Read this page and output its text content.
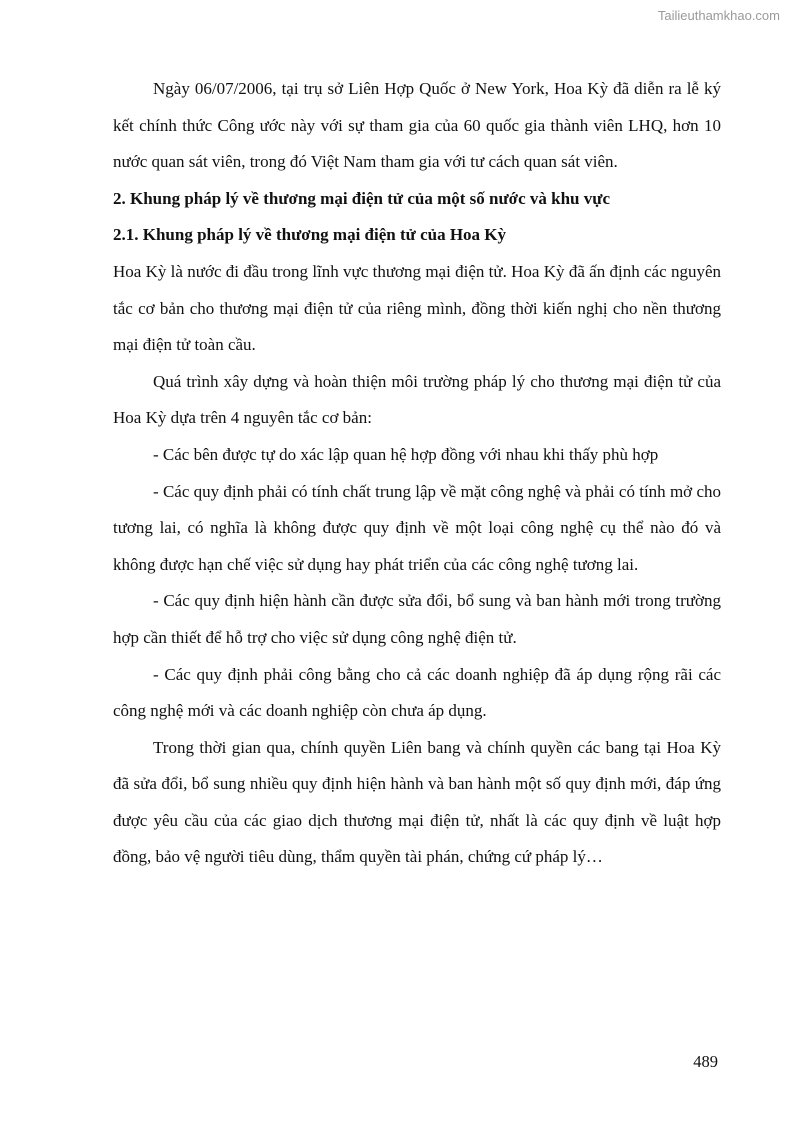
Tailieuthamkhao.com

Ngày 06/07/2006, tại trụ sở Liên Hợp Quốc ở New York, Hoa Kỳ đã diễn ra lễ ký kết chính thức Công ước này với sự tham gia của 60 quốc gia thành viên LHQ, hơn 10 nước quan sát viên, trong đó Việt Nam tham gia với tư cách quan sát viên.

2. Khung pháp lý về thương mại điện tử của một số nước và khu vực

2.1. Khung pháp lý về thương mại điện tử của Hoa Kỳ

Hoa Kỳ là nước đi đầu trong lĩnh vực thương mại điện tử. Hoa Kỳ đã ấn định các nguyên tắc cơ bản cho thương mại điện tử của riêng mình, đồng thời kiến nghị cho nền thương mại điện tử toàn cầu.

Quá trình xây dựng và hoàn thiện môi trường pháp lý cho thương mại điện tử của Hoa Kỳ dựa trên 4 nguyên tắc cơ bản:

- Các bên được tự do xác lập quan hệ hợp đồng với nhau khi thấy phù hợp

- Các quy định phải có tính chất trung lập về mặt công nghệ và phải có tính mở cho tương lai, có nghĩa là không được quy định về một loại công nghệ cụ thể nào đó và không được hạn chế việc sử dụng hay phát triển của các công nghệ tương lai.

- Các quy định hiện hành cần được sửa đổi, bổ sung và ban hành mới trong trường hợp cần thiết để hỗ trợ cho việc sử dụng công nghệ điện tử.

- Các quy định phải công bằng cho cả các doanh nghiệp đã áp dụng rộng rãi các công nghệ mới và các doanh nghiệp còn chưa áp dụng.

Trong thời gian qua, chính quyền Liên bang và chính quyền các bang tại Hoa Kỳ đã sửa đổi, bổ sung nhiều quy định hiện hành và ban hành một số quy định mới, đáp ứng được yêu cầu của các giao dịch thương mại điện tử, nhất là các quy định về luật hợp đồng, bảo vệ người tiêu dùng, thẩm quyền tài phán, chứng cứ pháp lý…

489
